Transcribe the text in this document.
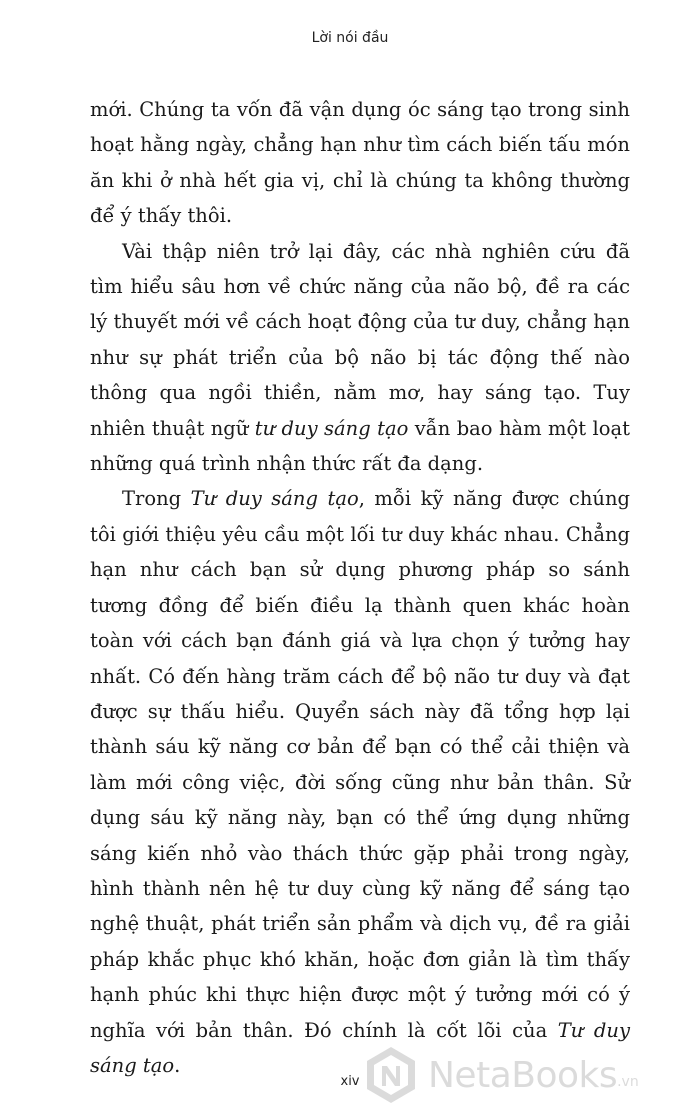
Lời nói đầu

mới. Chúng ta vốn đã vận dụng óc sáng tạo trong sinh hoạt hằng ngày, chẳng hạn như tìm cách biến tấu món ăn khi ở nhà hết gia vị, chỉ là chúng ta không thường để ý thấy thôi.

Vài thập niên trở lại đây, các nhà nghiên cứu đã tìm hiểu sâu hơn về chức năng của não bộ, đề ra các lý thuyết mới về cách hoạt động của tư duy, chẳng hạn như sự phát triển của bộ não bị tác động thế nào thông qua ngồi thiền, nằm mơ, hay sáng tạo. Tuy nhiên thuật ngữ tư duy sáng tạo vẫn bao hàm một loạt những quá trình nhận thức rất đa dạng.

Trong Tư duy sáng tạo, mỗi kỹ năng được chúng tôi giới thiệu yêu cầu một lối tư duy khác nhau. Chẳng hạn như cách bạn sử dụng phương pháp so sánh tương đồng để biến điều lạ thành quen khác hoàn toàn với cách bạn đánh giá và lựa chọn ý tưởng hay nhất. Có đến hàng trăm cách để bộ não tư duy và đạt được sự thấu hiểu. Quyển sách này đã tổng hợp lại thành sáu kỹ năng cơ bản để bạn có thể cải thiện và làm mới công việc, đời sống cũng như bản thân. Sử dụng sáu kỹ năng này, bạn có thể ứng dụng những sáng kiến nhỏ vào thách thức gặp phải trong ngày, hình thành nên hệ tư duy cùng kỹ năng để sáng tạo nghệ thuật, phát triển sản phẩm và dịch vụ, đề ra giải pháp khắc phục khó khăn, hoặc đơn giản là tìm thấy hạnh phúc khi thực hiện được một ý tưởng mới có ý nghĩa với bản thân. Đó chính là cốt lõi của Tư duy sáng tạo.

xiv	NetaBooks .vn
